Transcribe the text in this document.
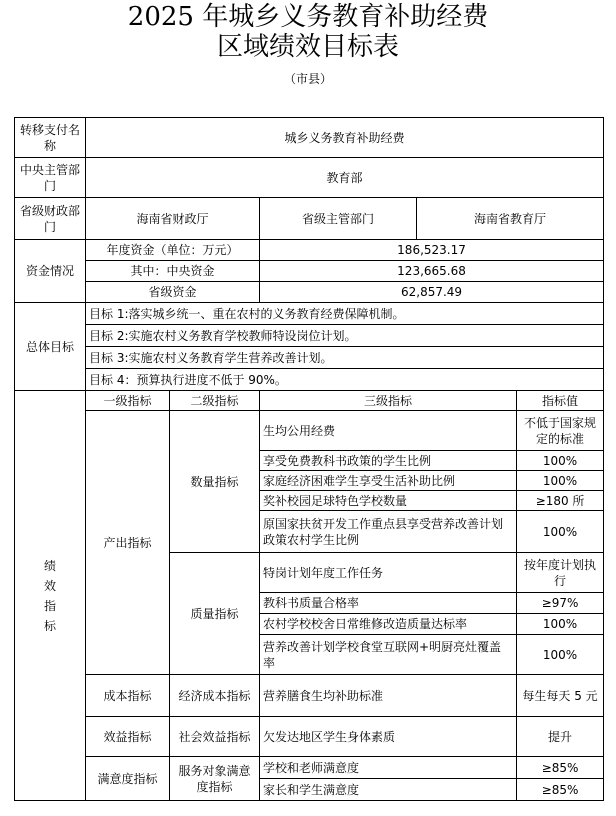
2025 年城乡义务教育补助经费
区域绩效目标表
（市县）
转移支付名称	城乡义务教育补助经费				
中央主管部门	教育部				
省级财政部门	海南省财政厅		省级主管部门	海南省教育厅	
资金情况	年度资金（单位：万元）		186,523.17		
	其中：中央资金		123,665.68		
	省级资金		62,857.49		
总体目标	目标 1:落实城乡统一、重在农村的义务教育经费保障机制。				
	目标 2:实施农村义务教育学校教师特设岗位计划。				
	目标 3:实施农村义务教育学生营养改善计划。				
	目标 4：预算执行进度不低于 90%。				

绩效指标	一级指标	二级指标	三级指标		指标值
	产出指标	数量指标	生均公用经费		不低于国家规定的标准
			享受免费教科书政策的学生比例		100%
			家庭经济困难学生享受生活补助比例		100%
			奖补校园足球特色学校数量		≥180 所
			原国家扶贫开发工作重点县享受营养改善计划政策农村学生比例		100%
		质量指标	特岗计划年度工作任务		按年度计划执行
			教科书质量合格率		≥97%
			农村学校校舍日常维修改造质量达标率		100%
			营养改善计划学校食堂互联网+明厨亮灶覆盖率		100%
	成本指标	经济成本指标	营养膳食生均补助标准		每生每天 5 元
	效益指标	社会效益指标	欠发达地区学生身体素质		提升
	满意度指标	服务对象满意度指标	学校和老师满意度		≥85%
			家长和学生满意度		≥85%
